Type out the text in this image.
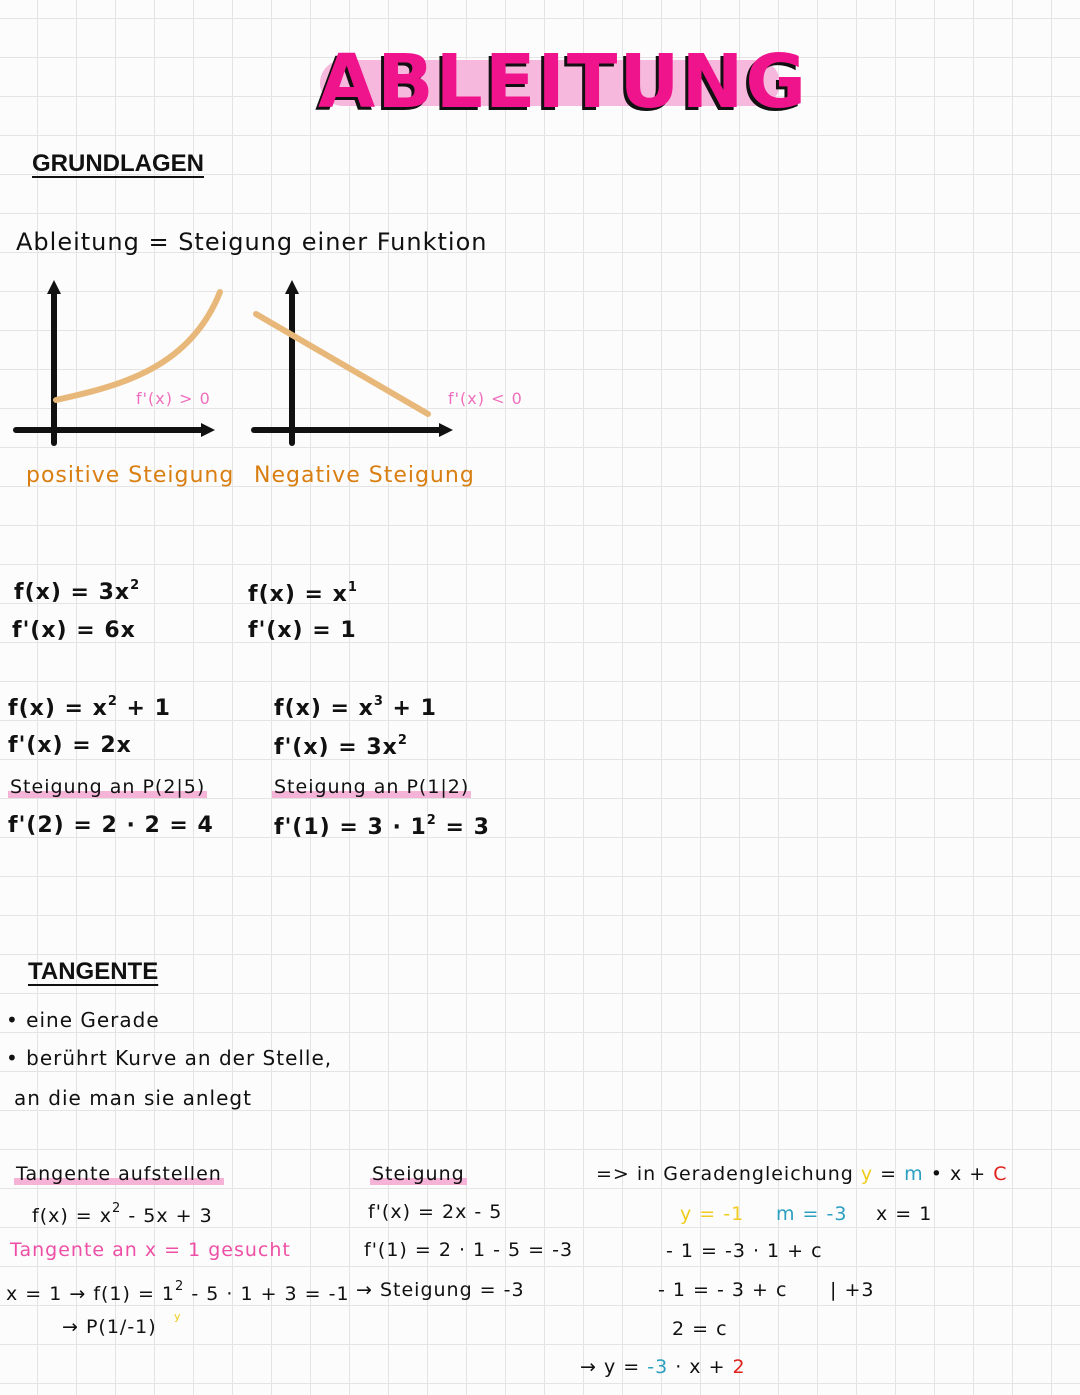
ABLEITUNG
GRUNDLAGEN
Ableitung = Steigung einer Funktion
f'(x) > 0
positive Steigung
f'(x) < 0
Negative Steigung
$f(x) = 3x^2$
f'(x) = 6x
$f(x) = x^1$
f'(x) = 1
$f(x) = x^2 + 1$
f'(x) = 2x
Steigung an P(2|5)
f'(2) = 2 · 2 = 4
$f(x) = x^3 + 1$
$f'(x) = 3x^2$
Steigung an P(1|2)
$f'(1) = 3 \cdot 1^2 = 3$
TANGENTE
• eine Gerade
• berührt Kurve an der Stelle,
an die man sie anlegt
Tangente aufstellen
$f(x) = x^2 - 5x + 3$
Tangente an x = 1 gesucht
$x = 1 \to f(1) = 1^2 - 5 \cdot 1 + 3 = -1$
→ P(1/-1) y
Steigung
f'(x) = 2x - 5
f'(1) = 2 · 1 - 5 = -3
→ Steigung = -3
=> in Geradengleichung y = m • x + C
y = -1 m = -3 x = 1
- 1 = -3 · 1 + c
- 1 = - 3 + c | +3
2 = c
→ y = -3 · x + 2
